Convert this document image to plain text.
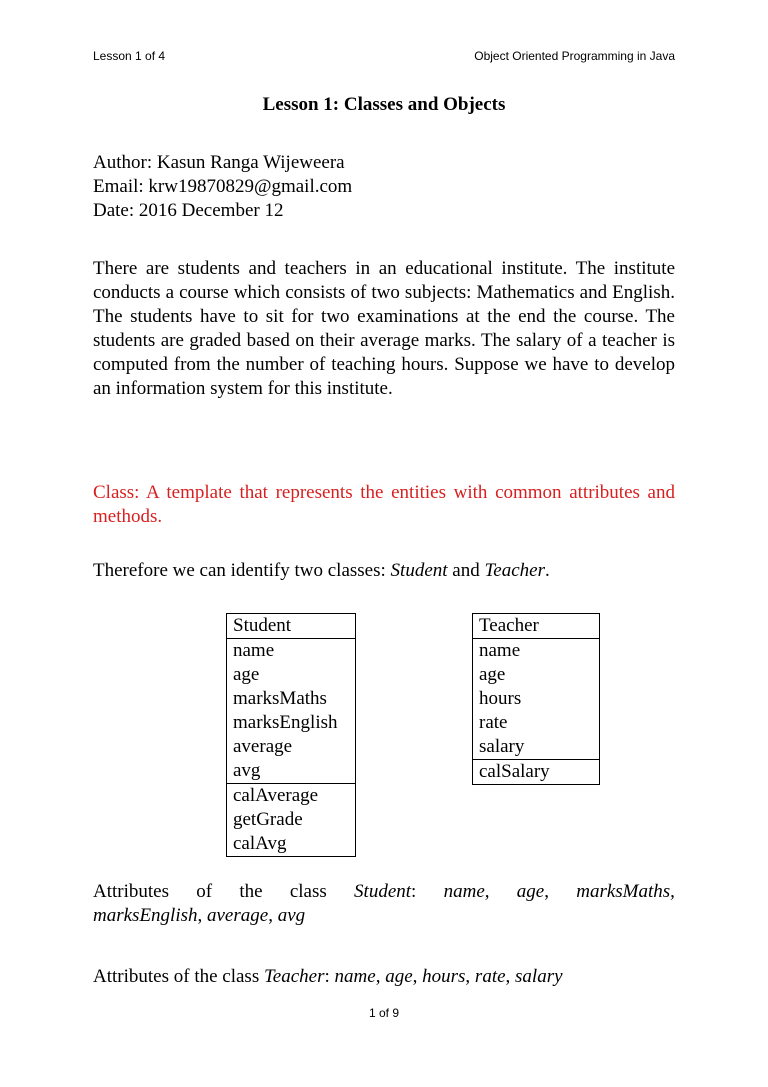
Lesson 1 of 4	Object Oriented Programming in Java
Lesson 1: Classes and Objects
Author: Kasun Ranga Wijeweera
Email: krw19870829@gmail.com
Date: 2016 December 12

There are students and teachers in an educational institute. The institute conducts a course which consists of two subjects: Mathematics and English. The students have to sit for two examinations at the end the course. The students are graded based on their average marks. The salary of a teacher is computed from the number of teaching hours. Suppose we have to develop an information system for this institute.

Class: A template that represents the entities with common attributes and methods.

Therefore we can identify two classes: Student and Teacher.
Student
name
age
marksMaths
marksEnglish
average
avg
calAverage
getGrade
calAvg
Teacher
name
age
hours
rate
salary
calSalary
Attributes of the class Student: name, age, marksMaths,
marksEnglish, average, avg
Attributes of the class Teacher: name, age, hours, rate, salary
1 of 9
